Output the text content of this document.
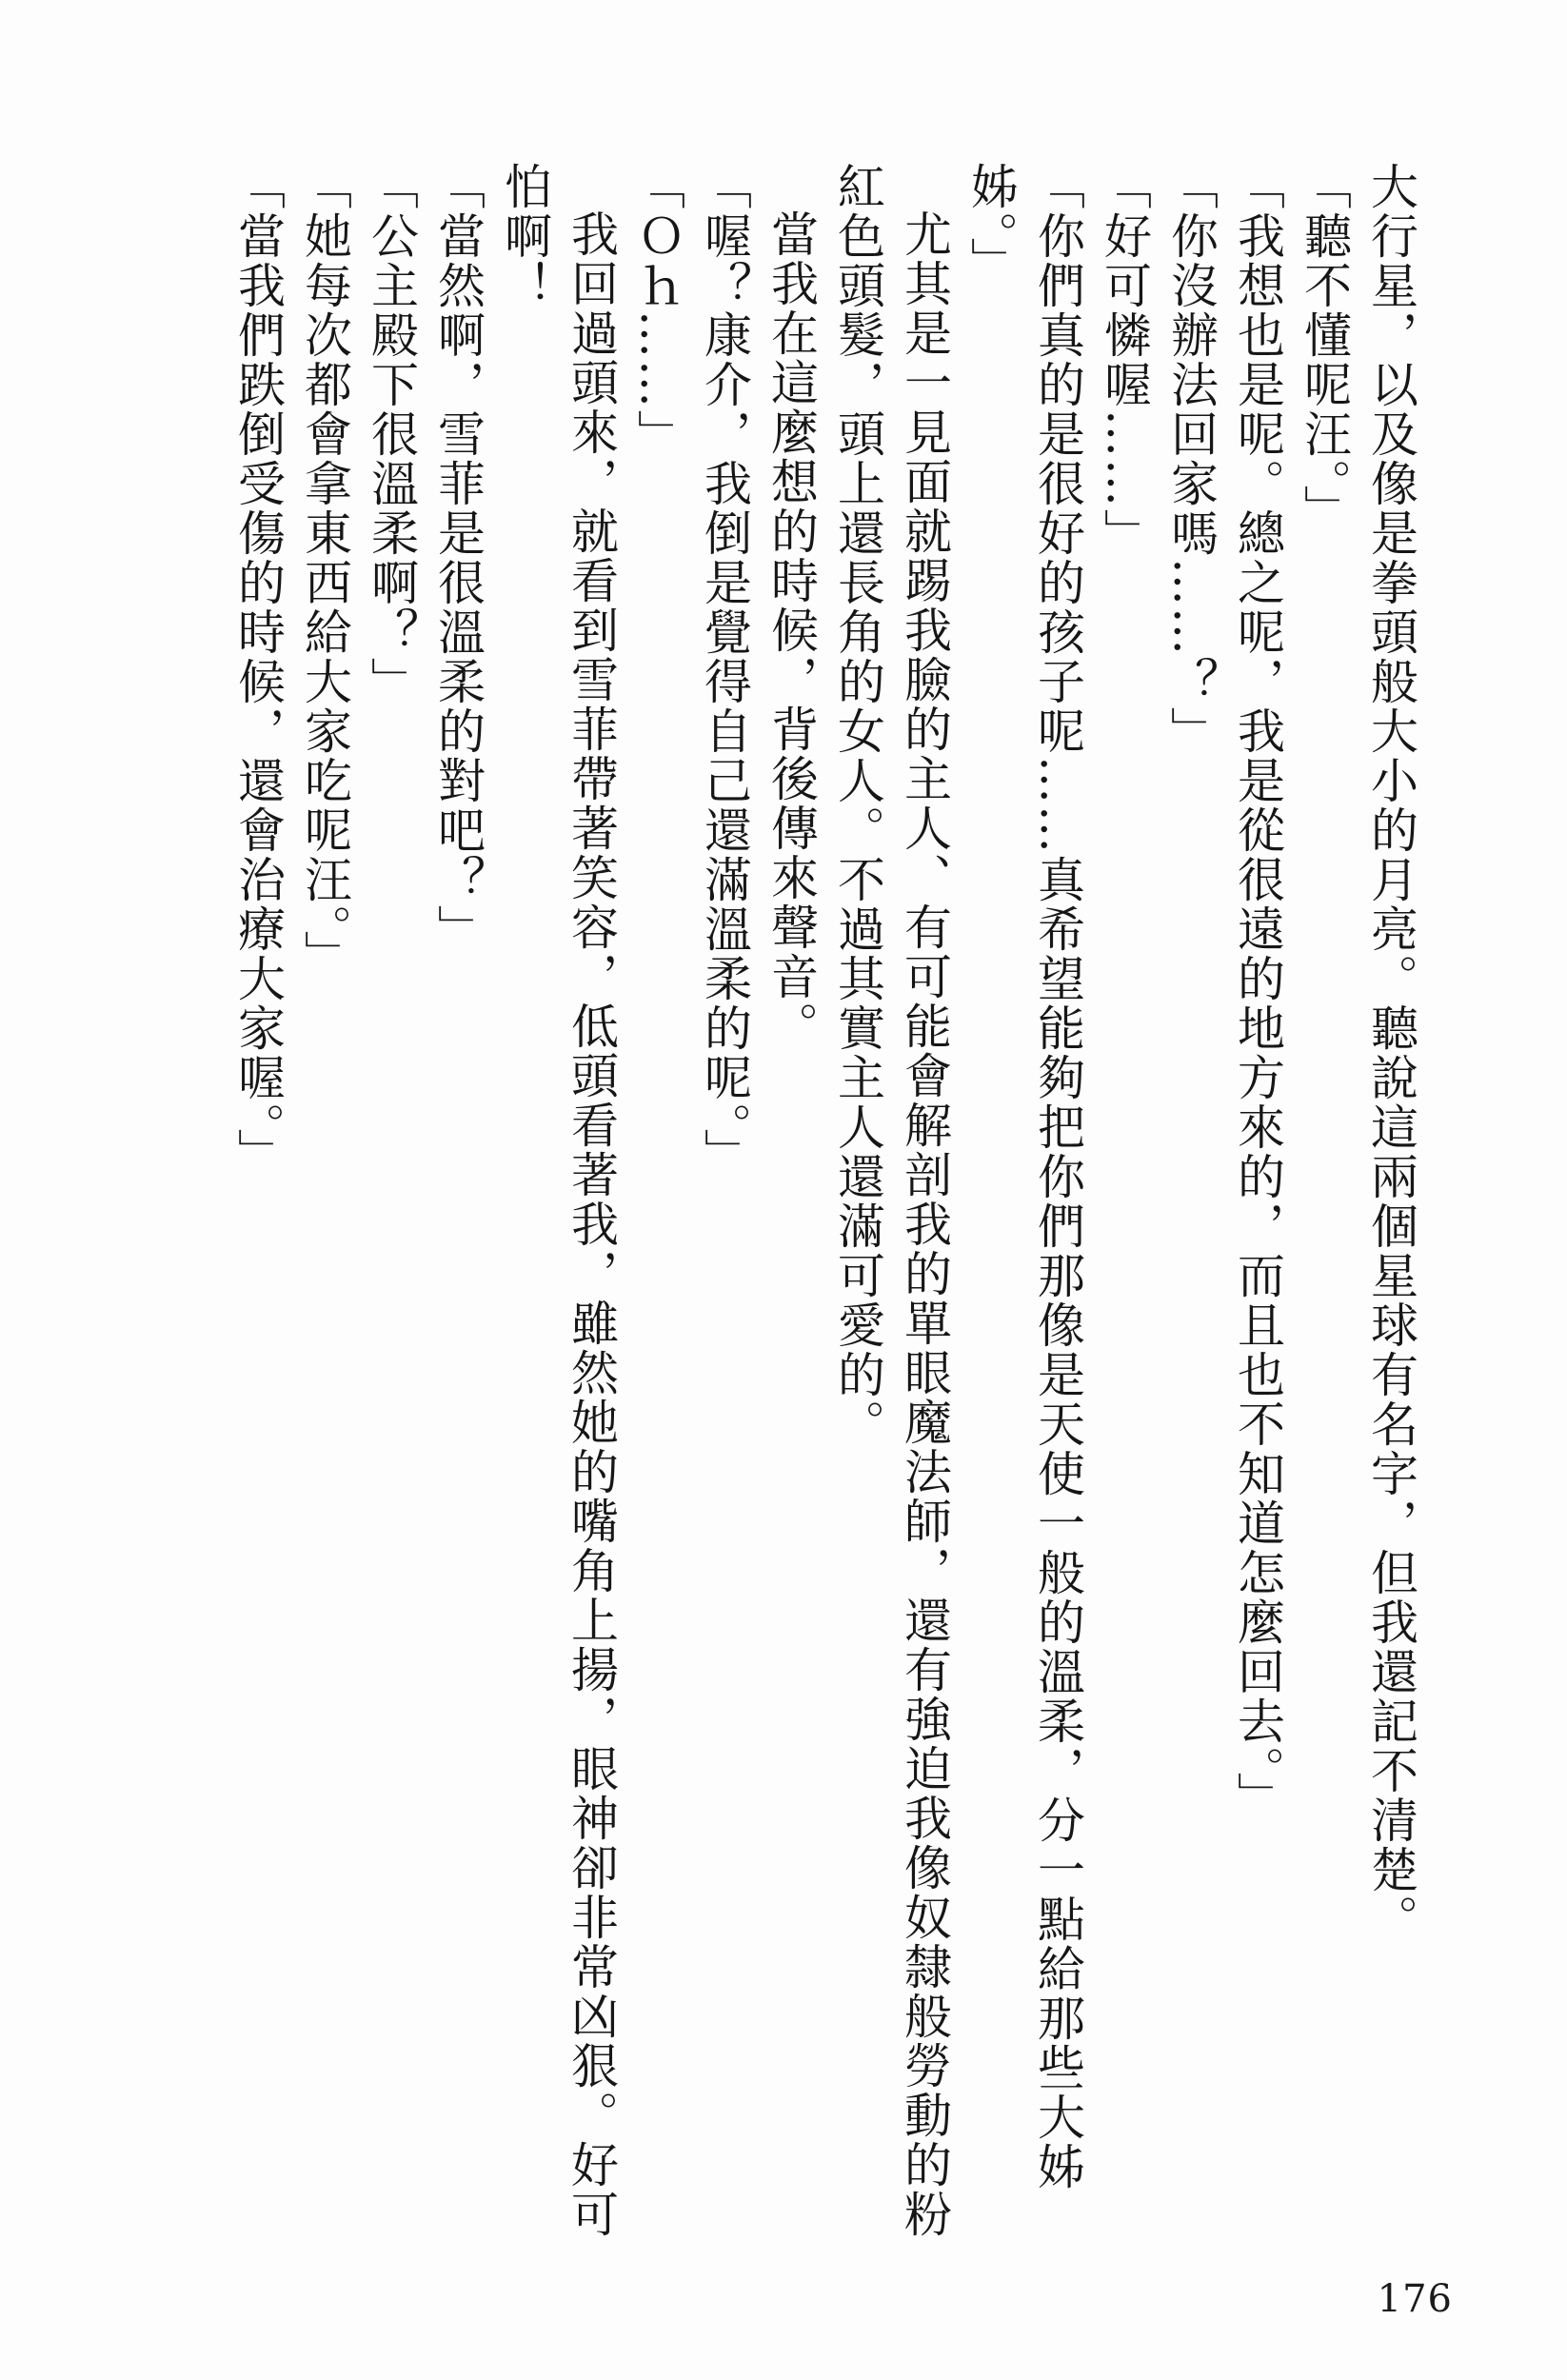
大行星，以及像是拳頭般大小的月亮。聽說這兩個星球有名字，但我還記不清楚。
「聽不懂呢汪。」
「我想也是呢。總之呢，我是從很遠的地方來的，而且也不知道怎麼回去。」
「你沒辦法回家嗎……？」
「好可憐喔……」
「你們真的是很好的孩子呢……真希望能夠把你們那像是天使一般的溫柔，分一點給那些大姊
姊。」
尤其是一見面就踢我臉的主人、有可能會解剖我的單眼魔法師，還有強迫我像奴隸般勞動的粉
紅色頭髮，頭上還長角的女人。不過其實主人還滿可愛的。
當我在這麼想的時候，背後傳來聲音。
「喔？康介，我倒是覺得自己還滿溫柔的呢。」
「Ｏｈ……」
我回過頭來，就看到雪菲帶著笑容，低頭看著我，雖然她的嘴角上揚，眼神卻非常凶狠。好可
怕啊！
「當然啊，雪菲是很溫柔的對吧？」
「公主殿下很溫柔啊？」
「她每次都會拿東西給大家吃呢汪。」
「當我們跌倒受傷的時候，還會治療大家喔。」
176
